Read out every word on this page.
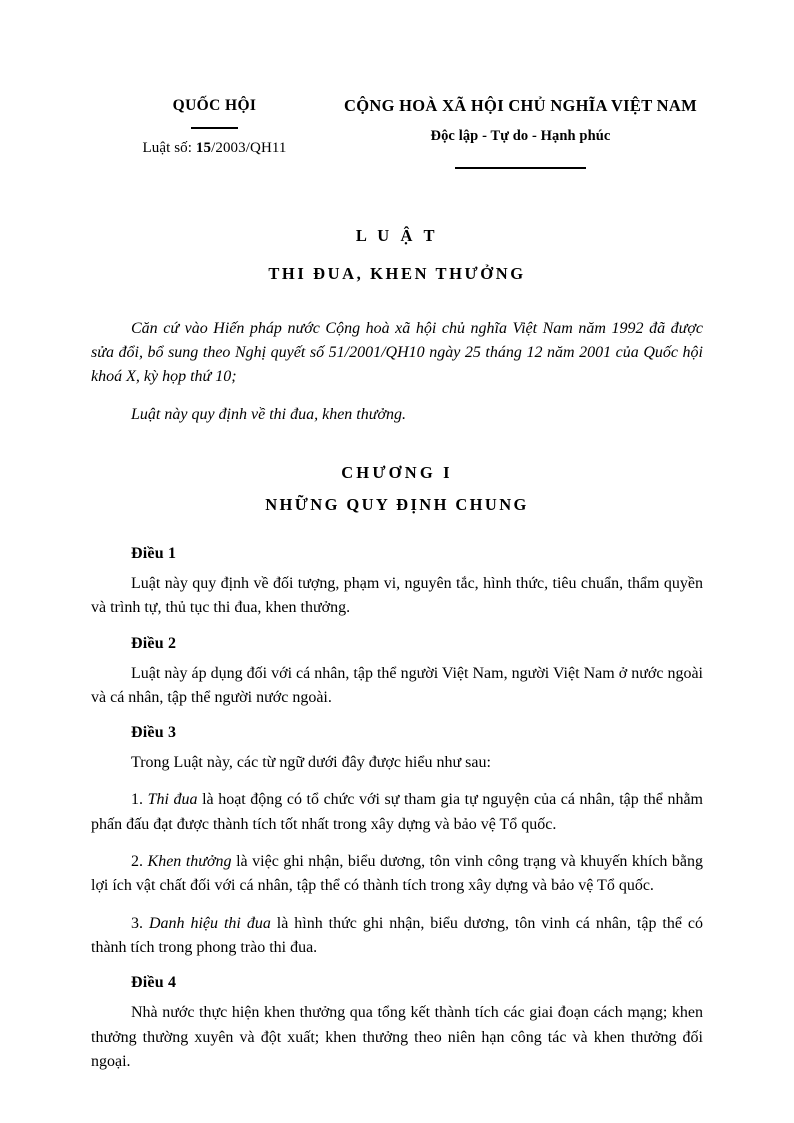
QUỐC HỘI
Luật số: 15/2003/QH11
CỘNG HOÀ XÃ HỘI CHỦ NGHĨA VIỆT NAM
Độc lập - Tự do - Hạnh phúc
L U Ậ T
THI ĐUA, KHEN THƯỞNG

Căn cứ vào Hiến pháp nước Cộng hoà xã hội chủ nghĩa Việt Nam năm 1992 đã được sửa đổi, bổ sung theo Nghị quyết số 51/2001/QH10 ngày 25 tháng 12 năm 2001 của Quốc hội khoá X, kỳ họp thứ 10;

Luật này quy định về thi đua, khen thưởng.

CHƯƠNG I
NHỮNG QUY ĐỊNH CHUNG
Điều 1

Luật này quy định về đối tượng, phạm vi, nguyên tắc, hình thức, tiêu chuẩn, thẩm quyền và trình tự, thủ tục thi đua, khen thưởng.

Điều 2

Luật này áp dụng đối với cá nhân, tập thể người Việt Nam, người Việt Nam ở nước ngoài và cá nhân, tập thể người nước ngoài.

Điều 3

Trong Luật này, các từ ngữ dưới đây được hiểu như sau:

1. Thi đua là hoạt động có tổ chức với sự tham gia tự nguyện của cá nhân, tập thể nhằm phấn đấu đạt được thành tích tốt nhất trong xây dựng và bảo vệ Tổ quốc.

2. Khen thưởng là việc ghi nhận, biểu dương, tôn vinh công trạng và khuyến khích bằng lợi ích vật chất đối với cá nhân, tập thể có thành tích trong xây dựng và bảo vệ Tổ quốc.

3. Danh hiệu thi đua là hình thức ghi nhận, biểu dương, tôn vinh cá nhân, tập thể có thành tích trong phong trào thi đua.

Điều 4

Nhà nước thực hiện khen thưởng qua tổng kết thành tích các giai đoạn cách mạng; khen thưởng thường xuyên và đột xuất; khen thưởng theo niên hạn công tác và khen thưởng đối ngoại.
